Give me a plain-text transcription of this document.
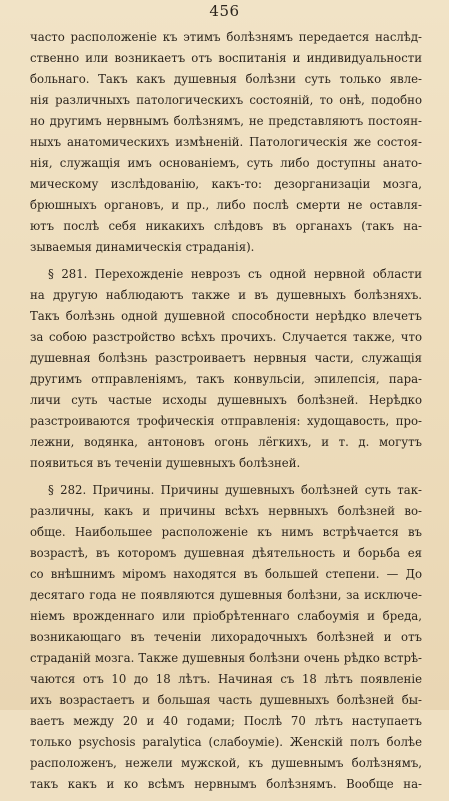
456
часто расположеніе къ этимъ болѣзнямъ передается наслѣд-
ственно или возникаетъ отъ воспитанія и индивидуальности
больнаго. Такъ какъ душевныя болѣзни суть только явле-
нія различныхъ патологическихъ состояній, то онѣ, подобно
но другимъ нервнымъ болѣзнямъ, не представляютъ постоян-
ныхъ анатомическихъ измѣненій. Патологическія же состоя-
нія, служащія имъ основаніемъ, суть либо доступны анато-
мическому изслѣдованію, какъ-то: дезорганизаціи мозга,
брюшныхъ органовъ, и пр., либо послѣ смерти не оставля-
ютъ послѣ себя никакихъ слѣдовъ въ органахъ (такъ на-
зываемыя динамическія страданія).
§ 281. Перехожденіе неврозъ съ одной нервной области
на другую наблюдаютъ также и въ душевныхъ болѣзняхъ.
Такъ болѣзнь одной душевной способности нерѣдко влечетъ
за собою разстройство всѣхъ прочихъ. Случается также, что
душевная болѣзнь разстроиваетъ нервныя части, служащія
другимъ отправленіямъ, такъ конвульсіи, эпилепсія, пара-
личи суть частые исходы душевныхъ болѣзней. Нерѣдко
разстроиваются трофическія отправленія: худощавость, про-
лежни, водянка, антоновъ огонь лёгкихъ, и т. д. могутъ
появиться въ теченіи душевныхъ болѣзней.
§ 282. Причины. Причины душевныхъ болѣзней суть так-
различны, какъ и причины всѣхъ нервныхъ болѣзней во-
обще. Наибольшее расположеніе къ нимъ встрѣчается въ
возрастѣ, въ которомъ душевная дѣятельность и борьба ея
со внѣшнимъ міромъ находятся въ большей степени. — До
десятаго года не появляются душевныя болѣзни, за исключе-
ніемъ врожденнаго или пріобрѣтеннаго слабоумія и бреда,
возникающаго въ теченіи лихорадочныхъ болѣзней и отъ
страданій мозга. Также душевныя болѣзни очень рѣдко встрѣ-
чаются отъ 10 до 18 лѣтъ. Начиная съ 18 лѣтъ появленіе
ихъ возрастаетъ и большая часть душевныхъ болѣзней бы-
ваетъ между 20 и 40 годами; Послѣ 70 лѣтъ наступаетъ
только psychosis paralytica (слабоуміе). Женскій полъ болѣе
расположенъ, нежели мужской, къ душевнымъ болѣзнямъ,
такъ какъ и ко всѣмъ нервнымъ болѣзнямъ. Вообще на-
